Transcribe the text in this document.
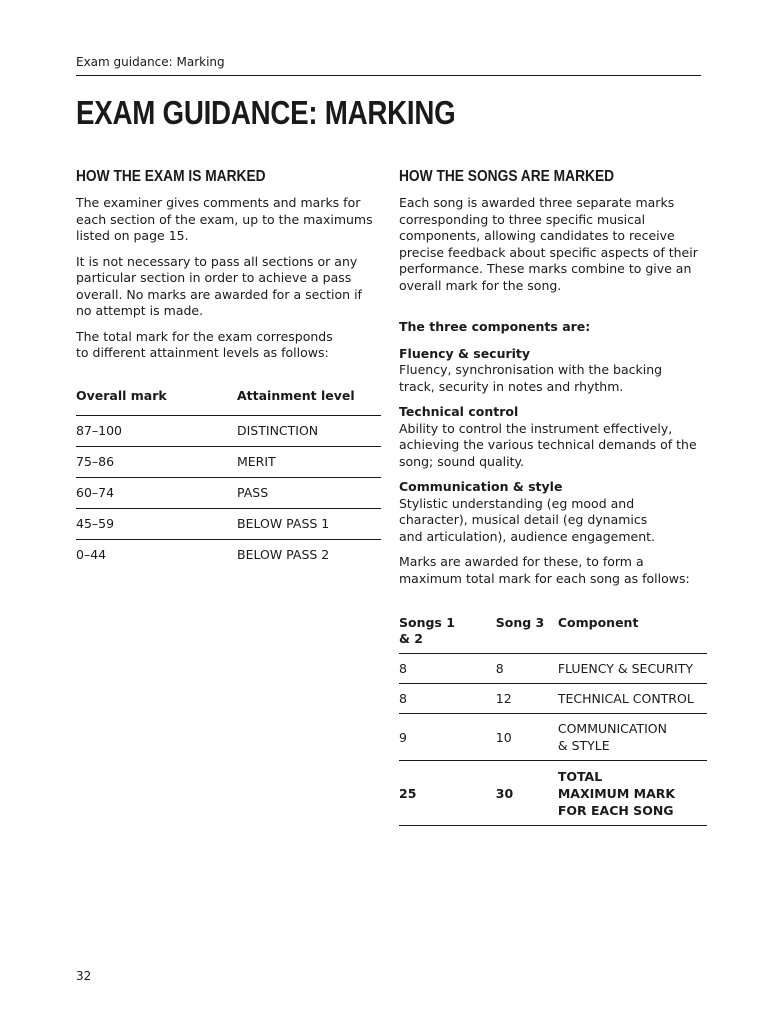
Exam guidance: Marking
EXAM GUIDANCE: MARKING
HOW THE EXAM IS MARKED

The examiner gives comments and marks for each section of the exam, up to the maximums listed on page 15.

It is not necessary to pass all sections or any particular section in order to achieve a pass overall. No marks are awarded for a section if no attempt is made.

The total mark for the exam corresponds to different attainment levels as follows:

Overall mark	Attainment level
87–100	DISTINCTION
75–86	MERIT
60–74	PASS
45–59	BELOW PASS 1
0–44	BELOW PASS 2
HOW THE SONGS ARE MARKED

Each song is awarded three separate marks corresponding to three specific musical components, allowing candidates to receive precise feedback about specific aspects of their performance. These marks combine to give an overall mark for the song.

The three components are:

Fluency & security
Fluency, synchronisation with the backing track, security in notes and rhythm.
Technical control
Ability to control the instrument effectively, achieving the various technical demands of the song; sound quality.
Communication & style
Stylistic understanding (eg mood and character), musical detail (eg dynamics and articulation), audience engagement.

Marks are awarded for these, to form a maximum total mark for each song as follows:

Songs 1 & 2	Song 3	Component
8	8	FLUENCY & SECURITY
8	12	TECHNICAL CONTROL
9	10	COMMUNICATION & STYLE
25	30	TOTAL MAXIMUM MARK FOR EACH SONG
32
